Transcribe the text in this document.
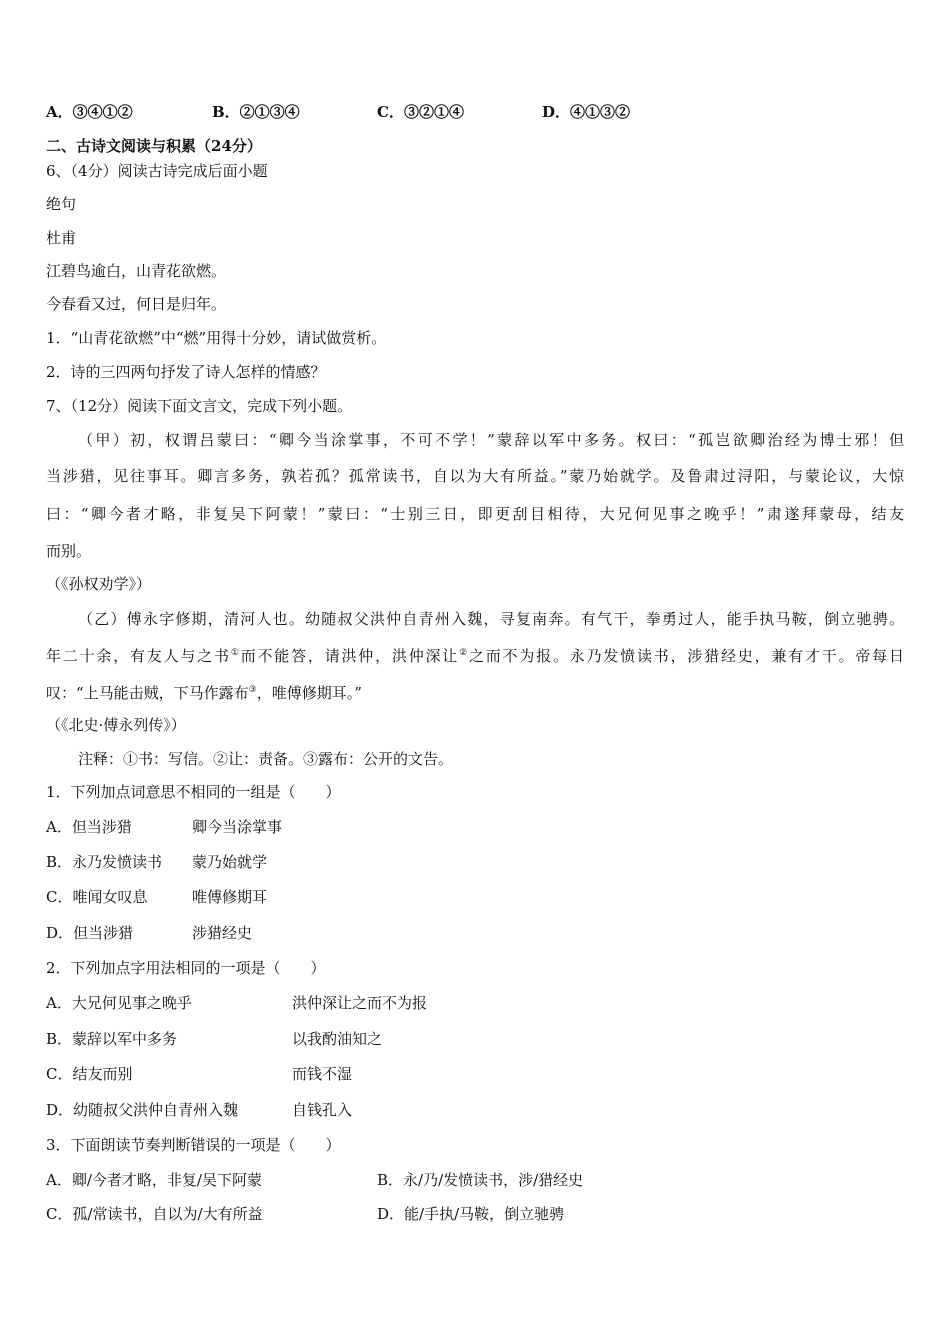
A．③④①②	B．②①③④	C．③②①④	D．④①③②
二、古诗文阅读与积累（24分）
6、（4分）阅读古诗完成后面小题
绝句
杜甫
江碧鸟逾白，山青花欲燃。
今春看又过，何日是归年。
1．“山青花欲燃”中“燃”用得十分妙，请试做赏析。
2．诗的三四两句抒发了诗人怎样的情感？
7、（12分）阅读下面文言文，完成下列小题。
（甲）初，权谓吕蒙曰：“卿今当涂掌事，不可不学！”蒙辞以军中多务。权曰：“孤岂欲卿治经为博士邪！但
当涉猎，见往事耳。卿言多务，孰若孤？孤常读书，自以为大有所益。”蒙乃始就学。及鲁肃过浔阳，与蒙论议，大惊
曰：“卿今者才略，非复吴下阿蒙！”蒙曰：“士别三日，即更刮目相待，大兄何见事之晚乎！”肃遂拜蒙母，结友
而别。
（《孙权劝学》）
（乙）傅永字修期，清河人也。幼随叔父洪仲自青州入魏，寻复南奔。有气干，拳勇过人，能手执马鞍，倒立驰骋。
年二十余，有友人与之书①而不能答，请洪仲，洪仲深让②之而不为报。永乃发愤读书，涉猎经史，兼有才干。帝每日
叹：“上马能击贼，下马作露布③，唯傅修期耳。”
（《北史·傅永列传》）
注释：①书：写信。②让：责备。③露布：公开的文告。
1．下列加点词意思不相同的一组是（　　）
A．但当涉猎	卿今当涂掌事
B．永乃发愤读书 蒙乃始就学
C．唯闻女叹息	唯傅修期耳
D．但当涉猎	涉猎经史
2．下列加点字用法相同的一项是（　　）
A．大兄何见事之晚乎	洪仲深让之而不为报
B．蒙辞以军中多务	以我酌油知之
C．结友而别	而钱不湿
D．幼随叔父洪仲自青州入魏	自钱孔入
3．下面朗读节奏判断错误的一项是（　　）
A．卿/今者才略，非复/吴下阿蒙	B．永/乃/发愤读书，涉/猎经史
C．孤/常读书，自以为/大有所益	D．能/手执/马鞍，倒立驰骋
